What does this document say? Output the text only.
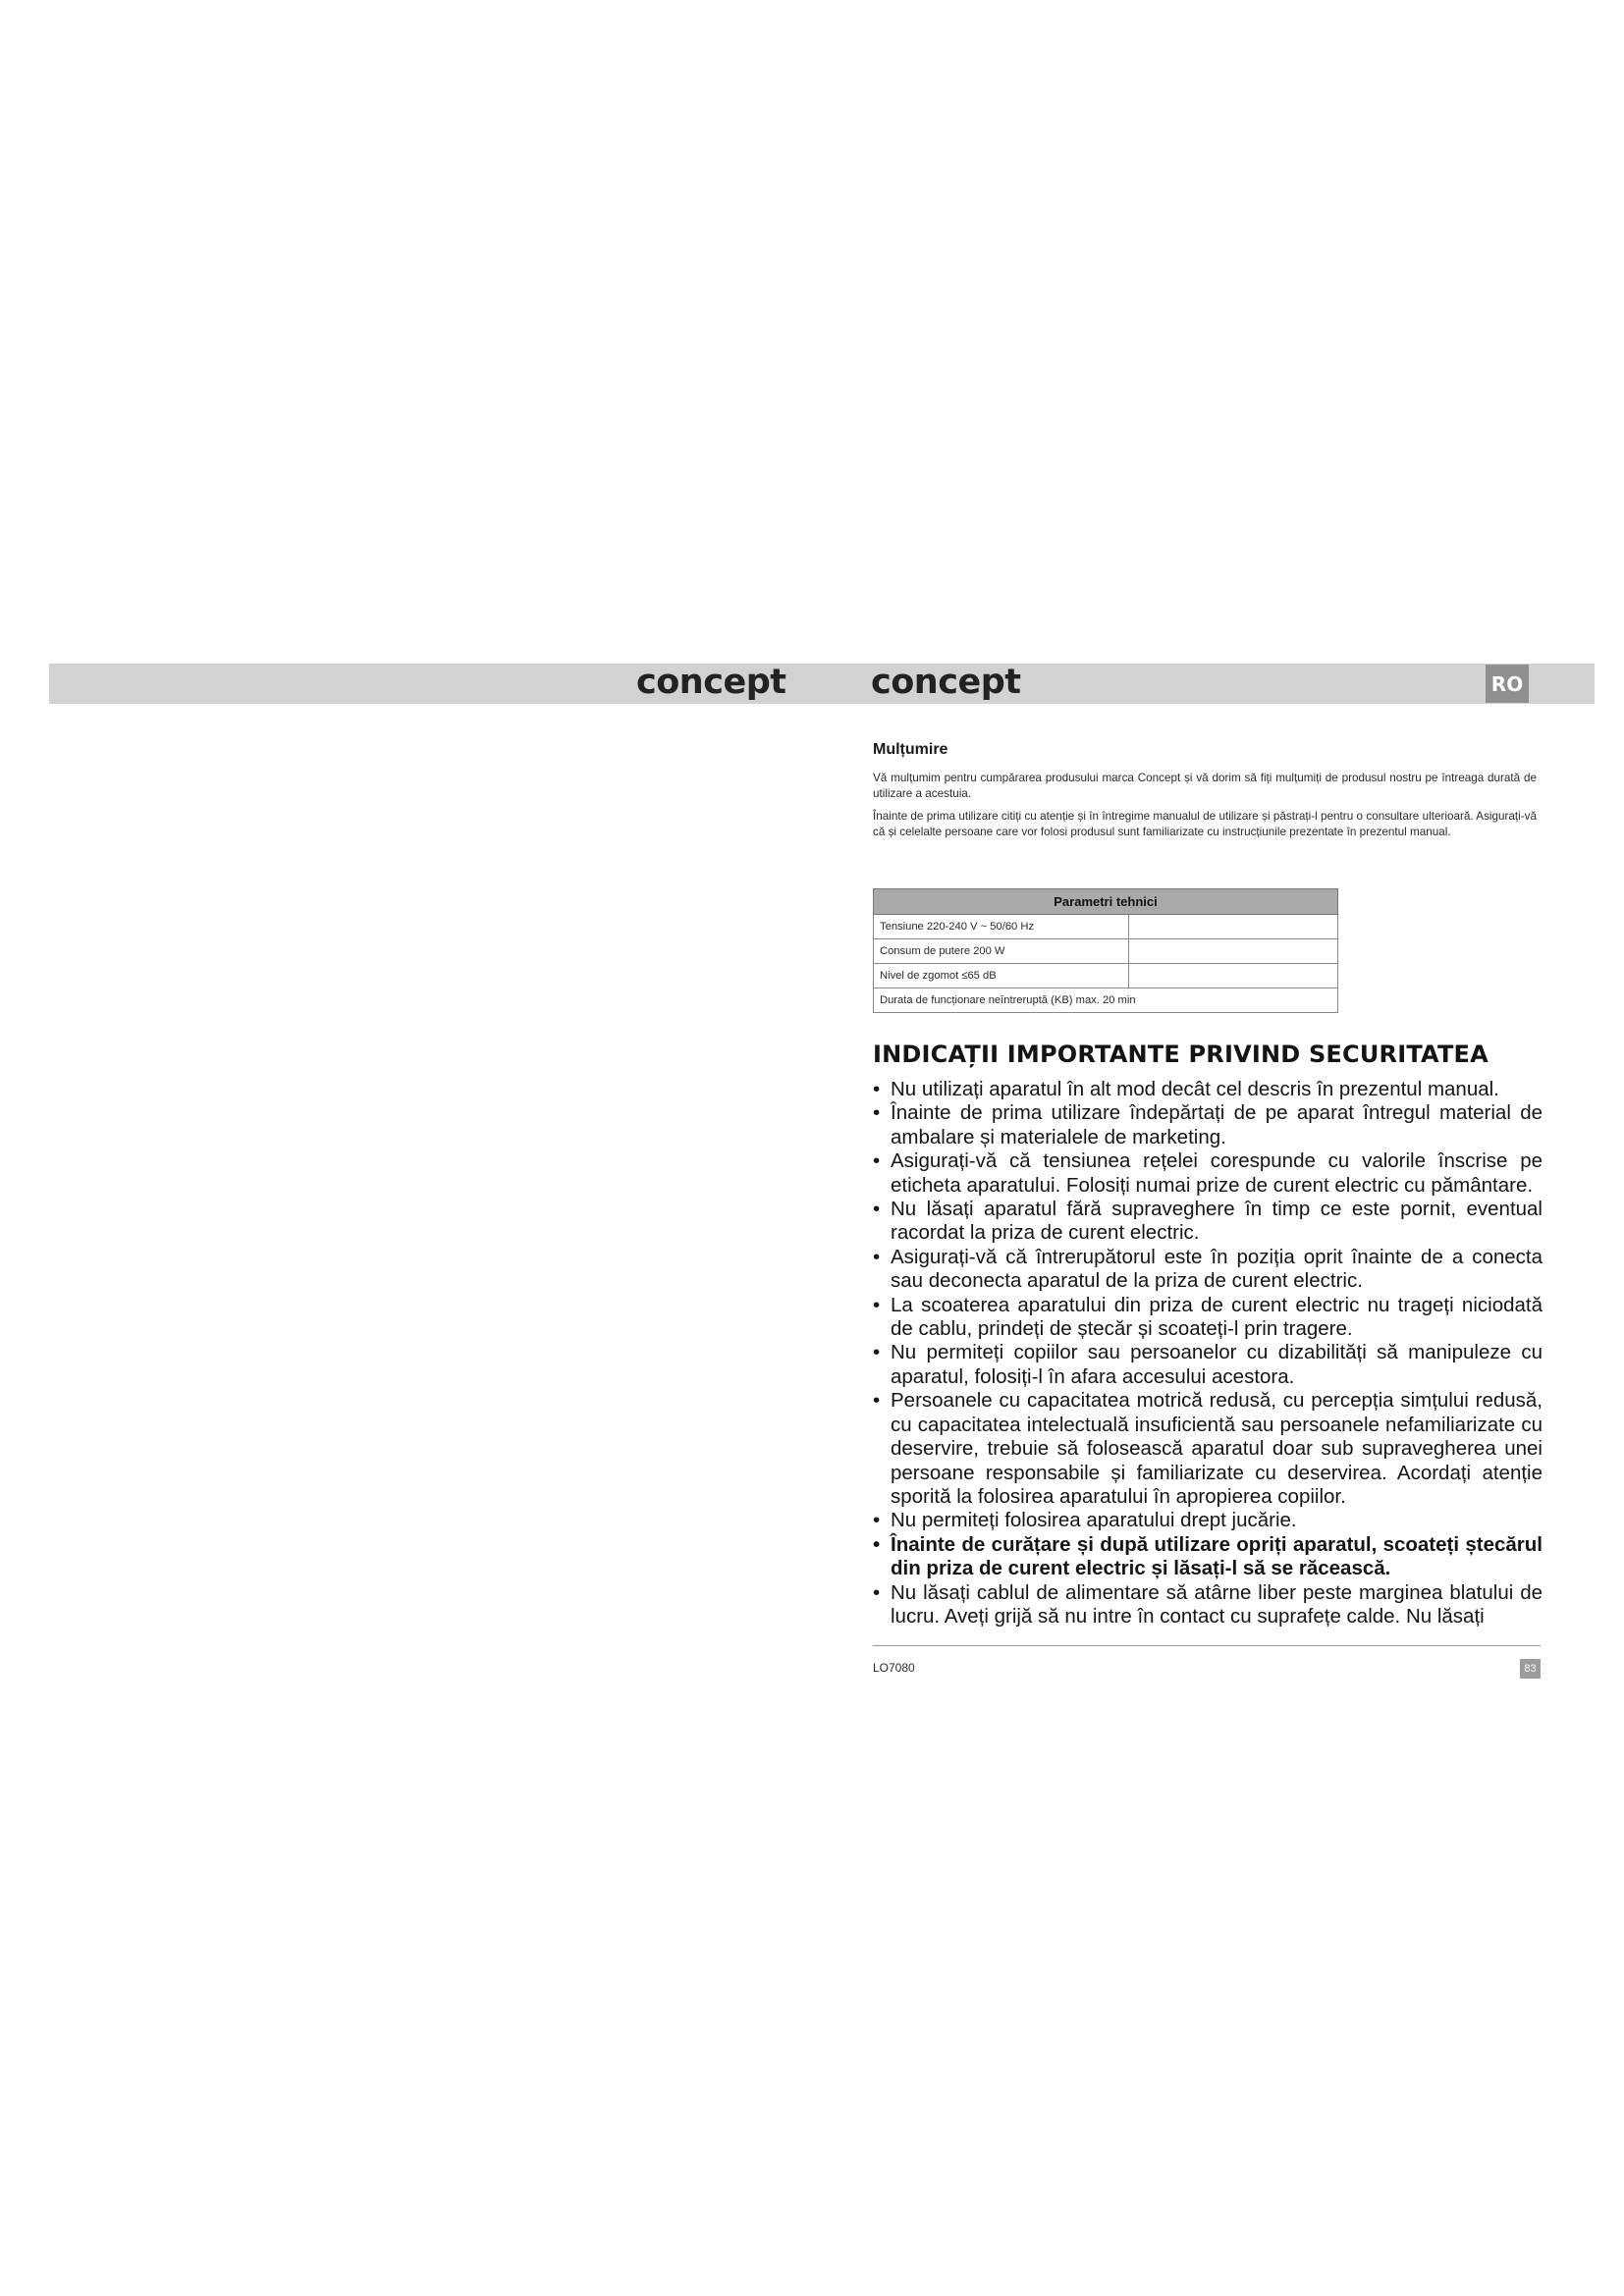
concept concept	RO
Mulțumire
Vă mulțumim pentru cumpărarea produsului marca Concept și vă dorim să fiți mulțumiți de produsul nostru pe întreaga durată de utilizare a acestuia.
Înainte de prima utilizare citiți cu atenție și în întregime manualul de utilizare și păstrați-l pentru o consultare ulterioară. Asigurați-vă că și celelalte persoane care vor folosi produsul sunt familiarizate cu instrucțiunile prezentate în prezentul manual.
Parametri tehnici	
Tensiune 220-240 V ~ 50/60 Hz	
Consum de putere 200 W	
Nivel de zgomot ≤65 dB	
Durata de funcționare neîntreruptă (KB) max. 20 min	
INDICAȚII IMPORTANTE PRIVIND SECURITATEA
• Nu utilizați aparatul în alt mod decât cel descris în prezentul manual.
• Înainte de prima utilizare îndepărtați de pe aparat întregul material de ambalare și materialele de marketing.
• Asigurați-vă că tensiunea rețelei corespunde cu valorile înscrise pe eticheta aparatului. Folosiți numai prize de curent electric cu pământare.
• Nu lăsați aparatul fără supraveghere în timp ce este pornit, eventual racordat la priza de curent electric.
• Asigurați-vă că întrerupătorul este în poziția oprit înainte de a conecta sau deconecta aparatul de la priza de curent electric.
• La scoaterea aparatului din priza de curent electric nu trageți niciodată de cablu, prindeți de ștecăr și scoateți-l prin tragere.
• Nu permiteți copiilor sau persoanelor cu dizabilități să manipuleze cu aparatul, folosiți-l în afara accesului acestora.
• Persoanele cu capacitatea motrică redusă, cu percepția simțului redusă, cu capacitatea intelectuală insuficientă sau persoanele nefamiliarizate cu deservire, trebuie să folosească aparatul doar sub supravegherea unei persoane responsabile și familiarizate cu deservirea. Acordați atenție sporită la folosirea aparatului în apropierea copiilor.
• Nu permiteți folosirea aparatului drept jucărie.
• Înainte de curățare și după utilizare opriți aparatul, scoateți ștecărul din priza de curent electric și lăsați-l să se răcească.
• Nu lăsați cablul de alimentare să atârne liber peste marginea blatului de lucru. Aveți grijă să nu intre în contact cu suprafețe calde. Nu lăsați
LO7080	83
